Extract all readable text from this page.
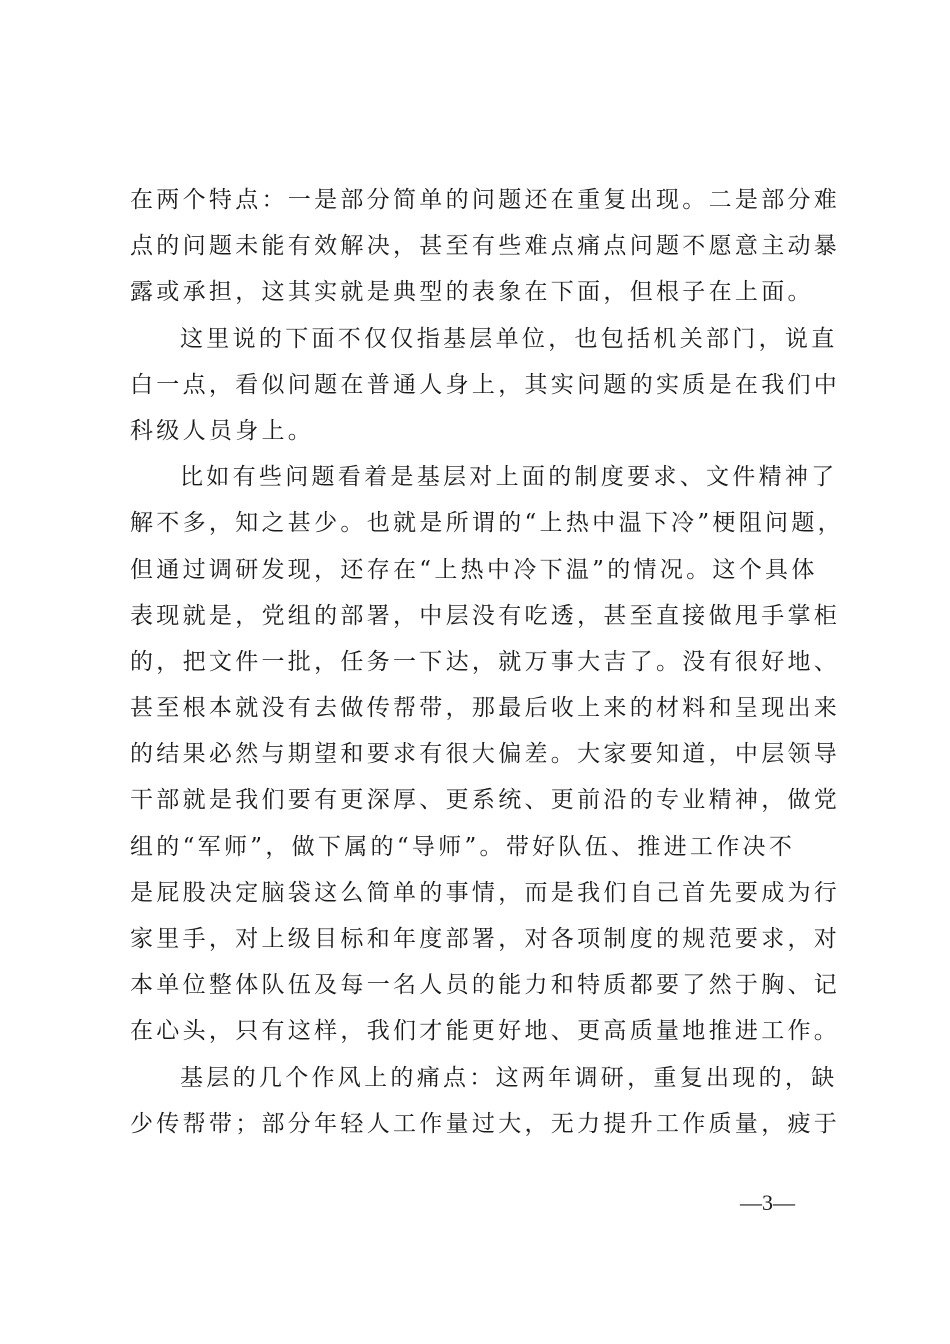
在两个特点：一是部分简单的问题还在重复出现。二是部分难
点的问题未能有效解决，甚至有些难点痛点问题不愿意主动暴
露或承担，这其实就是典型的表象在下面，但根子在上面。
这里说的下面不仅仅指基层单位，也包括机关部门，说直
白一点，看似问题在普通人身上，其实问题的实质是在我们中
科级人员身上。
比如有些问题看着是基层对上面的制度要求、文件精神了
解不多，知之甚少。也就是所谓的“上热中温下冷”梗阻问题，
但通过调研发现，还存在“上热中冷下温”的情况。这个具体
表现就是，党组的部署，中层没有吃透，甚至直接做甩手掌柜
的，把文件一批，任务一下达，就万事大吉了。没有很好地、
甚至根本就没有去做传帮带，那最后收上来的材料和呈现出来
的结果必然与期望和要求有很大偏差。大家要知道，中层领导
干部就是我们要有更深厚、更系统、更前沿的专业精神，做党
组的“军师”，做下属的“导师”。带好队伍、推进工作决不
是屁股决定脑袋这么简单的事情，而是我们自己首先要成为行
家里手，对上级目标和年度部署，对各项制度的规范要求，对
本单位整体队伍及每一名人员的能力和特质都要了然于胸、记
在心头，只有这样，我们才能更好地、更高质量地推进工作。
基层的几个作风上的痛点：这两年调研，重复出现的，缺
少传帮带；部分年轻人工作量过大，无力提升工作质量，疲于
—3—
